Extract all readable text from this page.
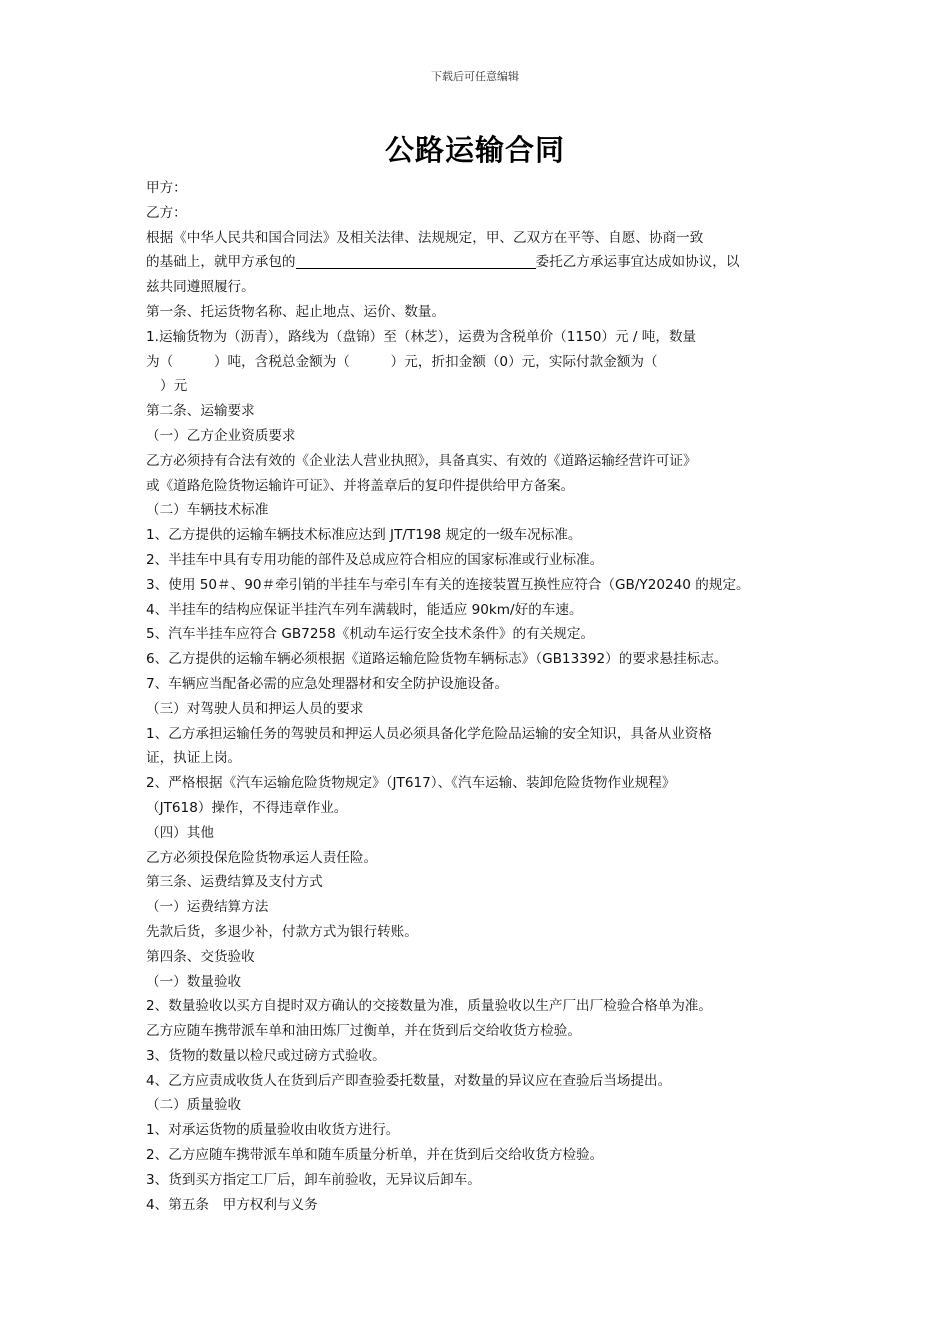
下载后可任意编辑
公路运输合同
甲方：
乙方：
根据《中华人民共和国合同法》及相关法律、法规规定，甲、乙双方在平等、自愿、协商一致
的基础上，就甲方承包的	委托乙方承运事宜达成如协议，以
兹共同遵照履行。
第一条、托运货物名称、起止地点、运价、数量。
1.运输货物为（沥青），路线为（盘锦）至（林芝），运费为含税单价（1150）元 / 吨，数量
为（　　　）吨，含税总金额为（　　　）元，折扣金额（0）元，实际付款金额为（
）元
第二条、运输要求
（一）乙方企业资质要求
乙方必须持有合法有效的《企业法人营业执照》，具备真实、有效的《道路运输经营许可证》
或《道路危险货物运输许可证》、并将盖章后的复印件提供给甲方备案。
（二）车辆技术标准
1、乙方提供的运输车辆技术标准应达到 JT/T198 规定的一级车况标准。
2、半挂车中具有专用功能的部件及总成应符合相应的国家标准或行业标准。
3、使用 50＃、90＃牵引销的半挂车与牵引车有关的连接装置互换性应符合（GB/Y20240 的规定。
4、半挂车的结构应保证半挂汽车列车满载时，能适应 90km/好的车速。
5、汽车半挂车应符合 GB7258《机动车运行安全技术条件》的有关规定。
6、乙方提供的运输车辆必须根据《道路运输危险货物车辆标志》（GB13392）的要求悬挂标志。
7、车辆应当配备必需的应急处理器材和安全防护设施设备。
（三）对驾驶人员和押运人员的要求
1、乙方承担运输任务的驾驶员和押运人员必须具备化学危险品运输的安全知识，具备从业资格
证，执证上岗。
2、严格根据《汽车运输危险货物规定》（JT617）、《汽车运输、装卸危险货物作业规程》
（JT618）操作，不得违章作业。
（四）其他
乙方必须投保危险货物承运人责任险。
第三条、运费结算及支付方式
（一）运费结算方法
先款后货，多退少补，付款方式为银行转账。
第四条、交货验收
（一）数量验收
2、数量验收以买方自提时双方确认的交接数量为准，质量验收以生产厂出厂检验合格单为准。
乙方应随车携带派车单和油田炼厂过衡单，并在货到后交给收货方检验。
3、货物的数量以检尺或过磅方式验收。
4、乙方应责成收货人在货到后产即查验委托数量，对数量的异议应在查验后当场提出。
（二）质量验收
1、对承运货物的质量验收由收货方进行。
2、乙方应随车携带派车单和随车质量分析单，并在货到后交给收货方检验。
3、货到买方指定工厂后，卸车前验收，无异议后卸车。
4、第五条　甲方权利与义务
